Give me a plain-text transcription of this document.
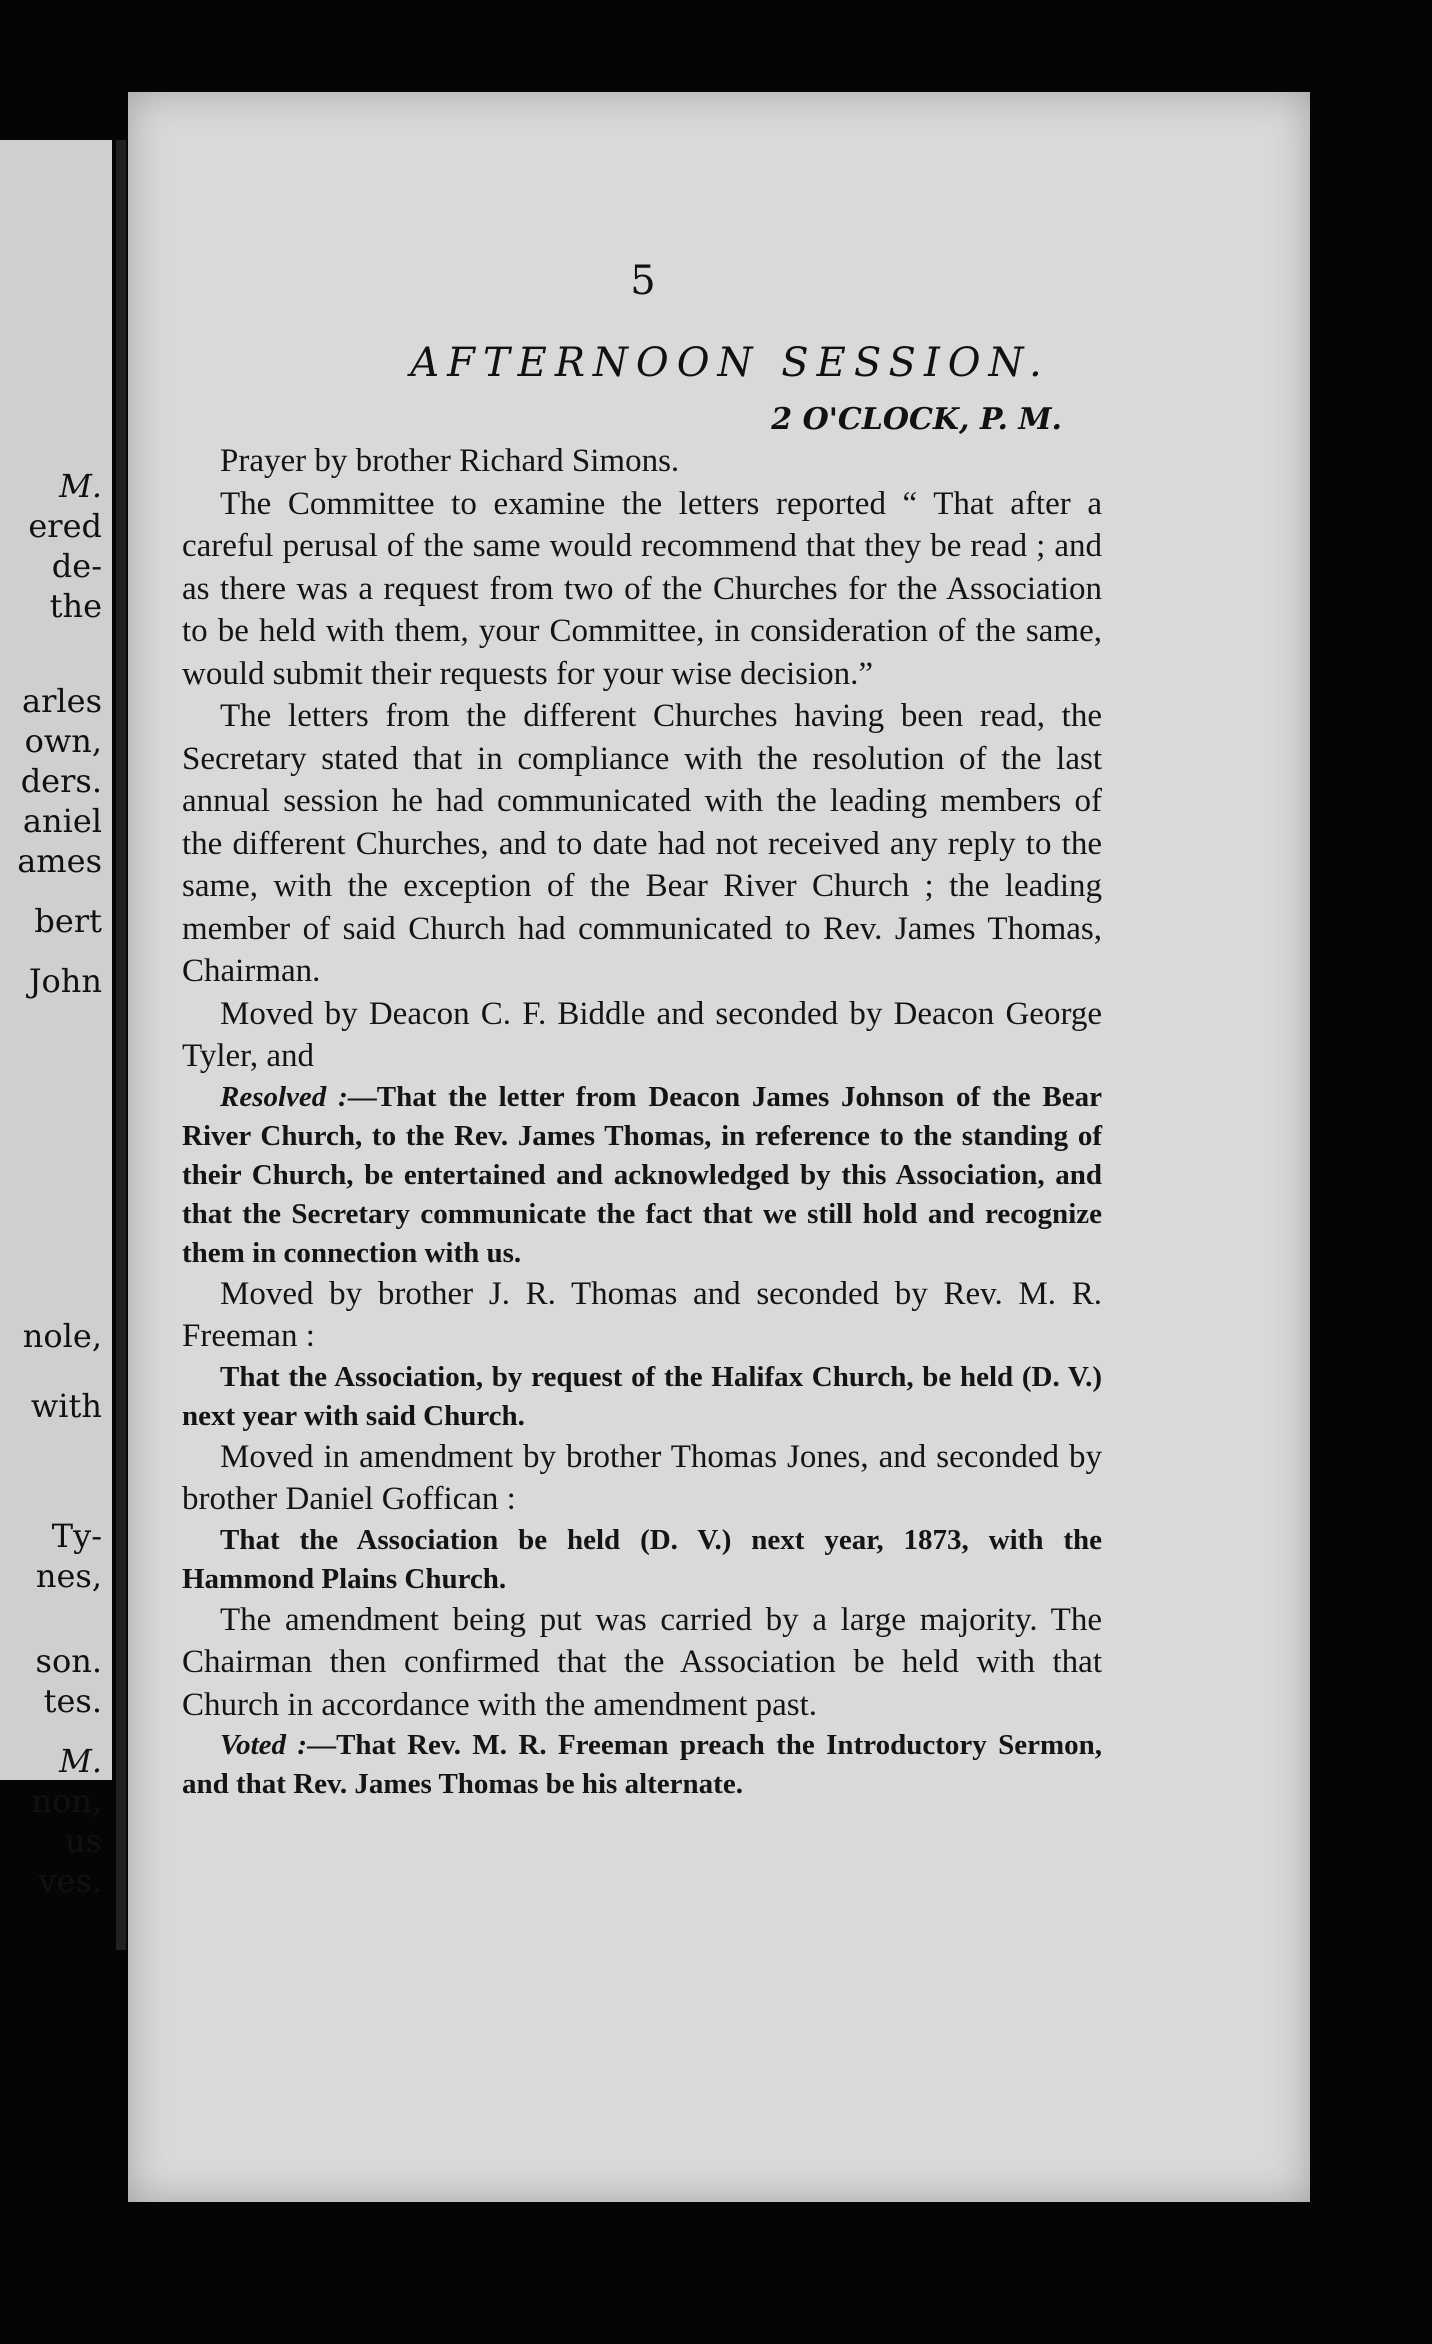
M.
ered
de-
the
arles
own,
ders.
aniel
ames
bert
John
nole,
with
Ty-
nes,
son.
tes.
M.
non,
us
ves.
5
AFTERNOON SESSION.
2 O'CLOCK, P. M.

Prayer by brother Richard Simons.

The Committee to examine the letters reported “ That after a careful perusal of the same would recommend that they be read ; and as there was a request from two of the Churches for the Association to be held with them, your Committee, in consideration of the same, would submit their requests for your wise decision.”

The letters from the different Churches having been read, the Secretary stated that in compliance with the resolution of the last annual session he had communicated with the leading members of the different Churches, and to date had not received any reply to the same, with the exception of the Bear River Church ; the leading member of said Church had communicated to Rev. James Thomas, Chairman.

Moved by Deacon C. F. Biddle and seconded by Deacon George Tyler, and

Resolved :—That the letter from Deacon James Johnson of the Bear River Church, to the Rev. James Thomas, in reference to the standing of their Church, be entertained and acknowledged by this Association, and that the Secretary communicate the fact that we still hold and recognize them in connection with us.

Moved by brother J. R. Thomas and seconded by Rev. M. R. Freeman :

That the Association, by request of the Halifax Church, be held (D. V.) next year with said Church.

Moved in amendment by brother Thomas Jones, and seconded by brother Daniel Goffican :

That the Association be held (D. V.) next year, 1873, with the Hammond Plains Church.

The amendment being put was carried by a large majority. The Chairman then confirmed that the Association be held with that Church in accordance with the amendment past.

Voted :—That Rev. M. R. Freeman preach the Introductory Sermon, and that Rev. James Thomas be his alternate.
